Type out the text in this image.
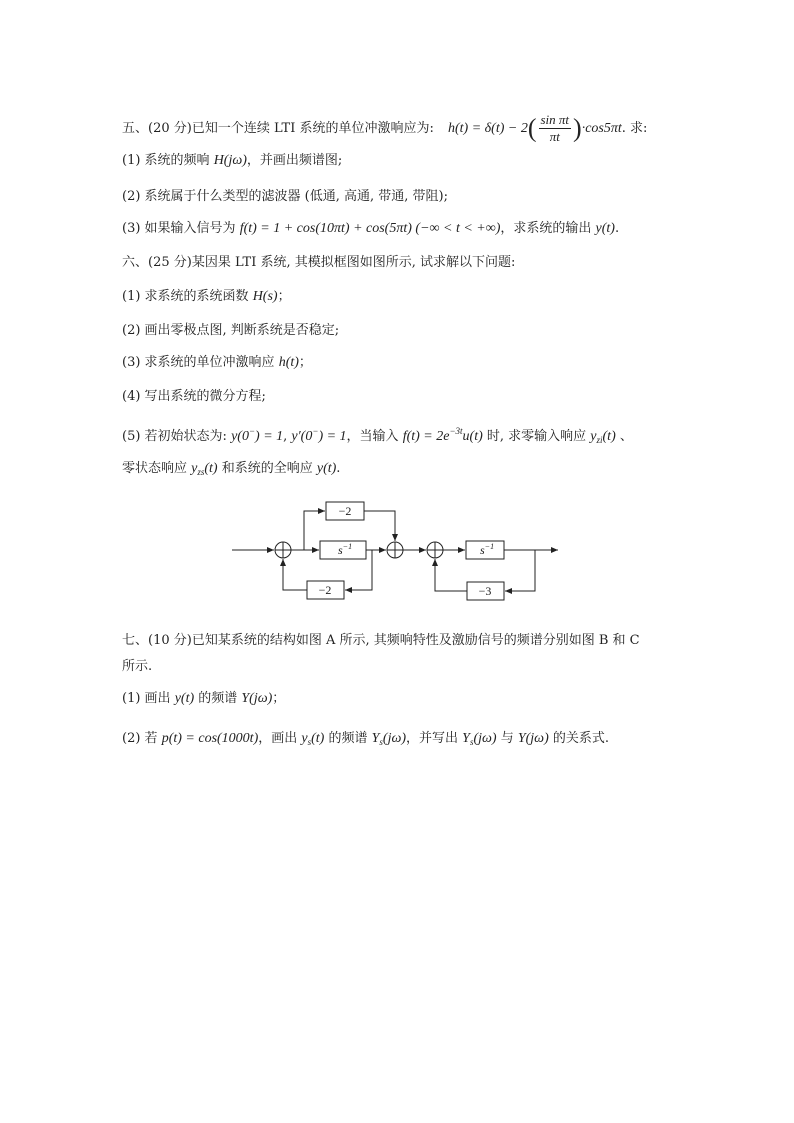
五、(20 分)已知一个连续 LTI 系统的单位冲激响应为: $h(t) = \delta(t) - 2( \frac{\text{sin πt}}{\pi t} )\cdot\cos 5\pi t$. 求:
(1) 系统的频响 H(jω)，并画出频谱图;
(2) 系统属于什么类型的滤波器 (低通, 高通, 带通, 带阻);
(3) 如果输入信号为 f(t) = 1 + cos(10πt) + cos(5πt) (−∞ < t < +∞)，求系统的输出 y(t).
六、(25 分)某因果 LTI 系统, 其模拟框图如图所示, 试求解以下问题:
(1) 求系统的系统函数 H(s)；
(2) 画出零极点图, 判断系统是否稳定;
(3) 求系统的单位冲激响应 h(t)；
(4) 写出系统的微分方程;
(5) 若初始状态为: y(0−) = 1, y′(0−) = 1，当输入 $f(t) = 2e^{-3t}u(t)$ 时, 求零输入响应 $y_{zi}(t)$ 、
零状态响应 $y_{zs}(t)$ 和系统的全响应 y(t).
−2
$s^{-1}$
−2
$s^{-1}$
−3
七、(10 分)已知某系统的结构如图 A 所示, 其频响特性及激励信号的频谱分别如图 B 和 C
所示.
(1) 画出 y(t) 的频谱 Y(jω)；
(2) 若 p(t) = cos(1000t)，画出 $y_s(t)$ 的频谱 $Y_s(j\omega)$，并写出 $Y_s(j\omega)$ 与 Y(jω) 的关系式.
